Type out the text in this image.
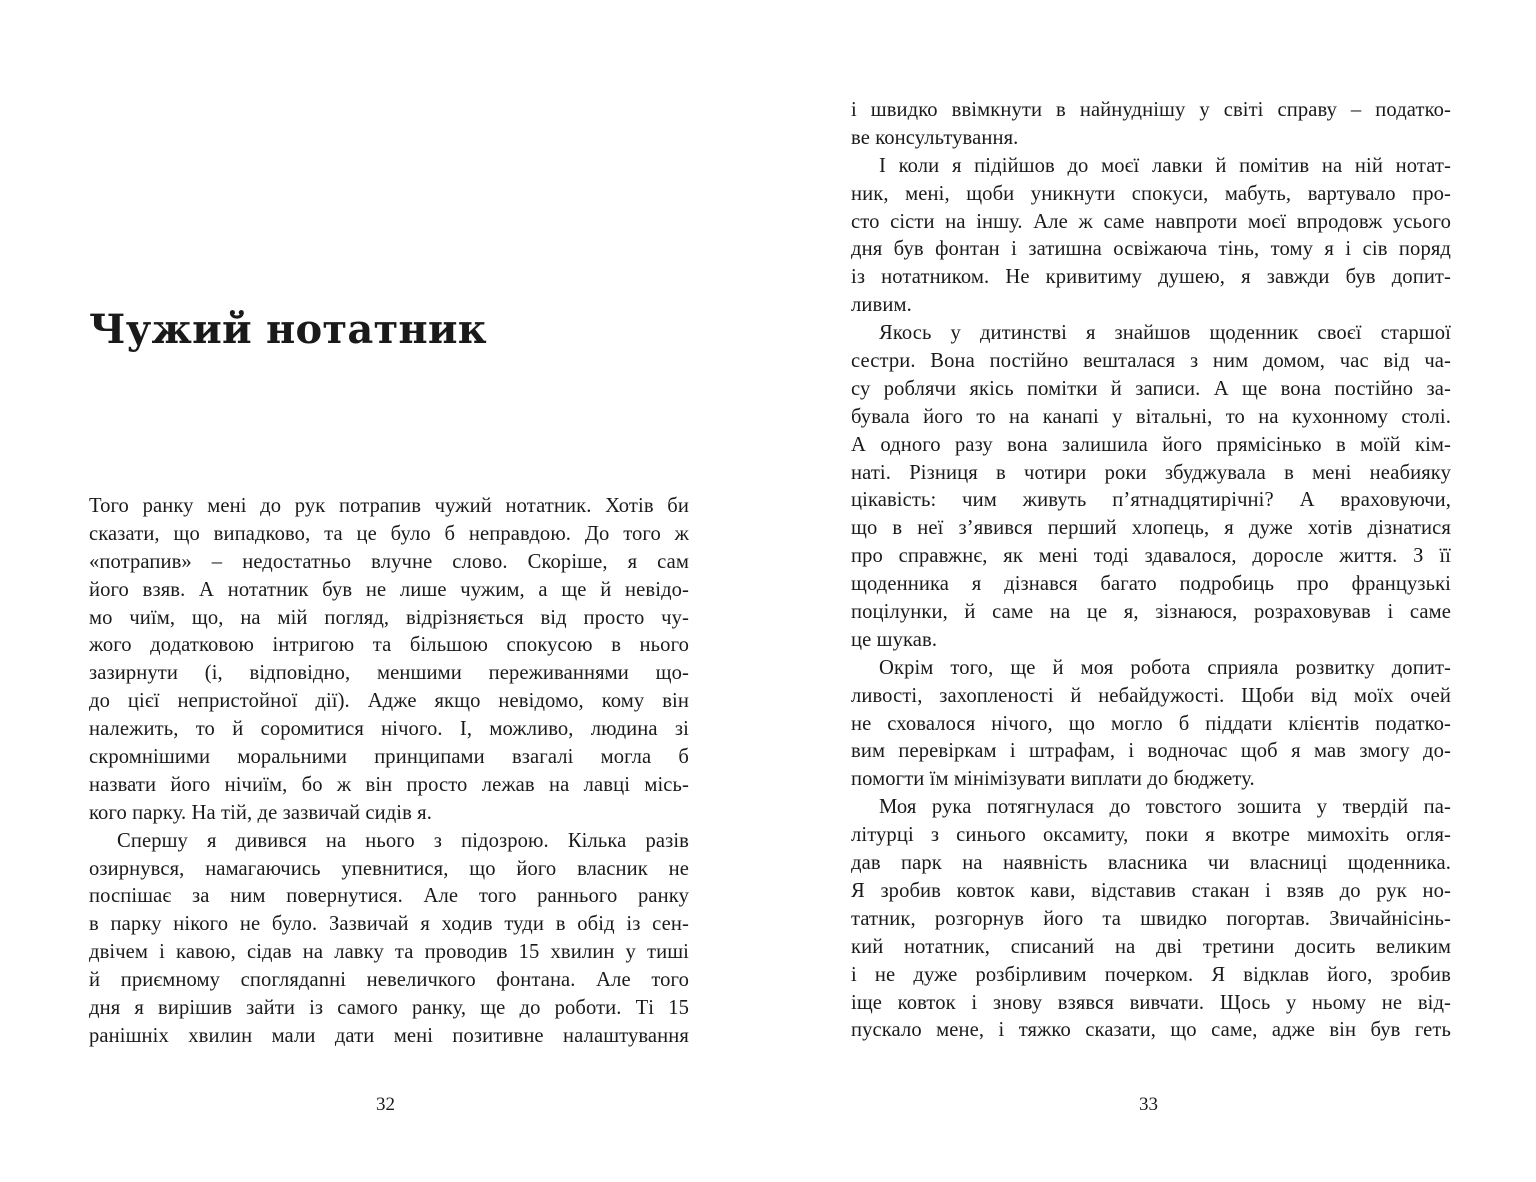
Чужий нотатник
Того ранку мені до рук потрапив чужий нотатник. Хотів би
сказати, що випадково, та це було б неправдою. До того ж
«потрапив» – недостатньо влучне слово. Скоріше, я сам
його взяв. А нотатник був не лише чужим, а ще й невідо-
мо чиїм, що, на мій погляд, відрізняється від просто чу-
жого додатковою інтригою та більшою спокусою в нього
зазирнути (і, відповідно, меншими переживаннями що-
до цієї непристойної дії). Адже якщо невідомо, кому він
належить, то й соромитися нічого. І, можливо, людина зі
скромнішими моральними принципами взагалі могла б
назвати його нічиїм, бо ж він просто лежав на лавці місь-
кого парку. На тій, де зазвичай сидів я.
Спершу я дивився на нього з підозрою. Кілька разів
озирнувся, намагаючись упевнитися, що його власник не
поспішає за ним повернутися. Але того раннього ранку
в парку нікого не було. Зазвичай я ходив туди в обід із сен-
двічем і кавою, сідав на лавку та проводив 15 хвилин у тиші
й приємному споглядanні невеличкого фонтана. Але того
дня я вирішив зайти із самого ранку, ще до роботи. Ті 15
ранішніх хвилин мали дати мені позитивне налаштування
32
і швидко ввімкнути в найнуднішу у світі справу – податко-
ве консультування.
І коли я підійшов до моєї лавки й помітив на ній нотат-
ник, мені, щоби уникнути спокуси, мабуть, вартувало про-
сто сісти на іншу. Але ж саме навпроти моєї впродовж усього
дня був фонтан і затишна освіжаюча тінь, тому я і сів поряд
із нотатником. Не кривитиму душею, я завжди був допит-
ливим.
Якось у дитинстві я знайшов щоденник своєї старшої
сестри. Вона постійно вешталася з ним домом, час від ча-
су роблячи якісь помітки й записи. А ще вона постійно за-
бувала його то на канапі у вітальні, то на кухонному столі.
А одного разу вона залишила його прямісінько в моїй кім-
наті. Різниця в чотири роки збуджувала в мені неабияку
цікавість: чим живуть п’ятнадцятирічні? А враховуючи,
що в неї з’явився перший хлопець, я дуже хотів дізнатися
про справжнє, як мені тоді здавалося, доросле життя. З її
щоденника я дізнався багато подробиць про французькі
поцілунки, й саме на це я, зізнаюся, розраховував і саме
це шукав.
Окрім того, ще й моя робота сприяла розвитку допит-
ливості, захопленості й небайдужості. Щоби від моїх очей
не сховалося нічого, що могло б піддати клієнтів податко-
вим перевіркам і штрафам, і водночас щоб я мав змогу до-
помогти їм мінімізувати виплати до бюджету.
Моя рука потягнулася до товстого зошита у твердій па-
літурці з синього оксамиту, поки я вкотре мимохіть огля-
дав парк на наявність власника чи власниці щоденника.
Я зробив ковток кави, відставив стакан і взяв до рук но-
татник, розгорнув його та швидко погортав. Звичайнісінь-
кий нотатник, списаний на дві третини досить великим
і не дуже розбірливим почерком. Я відклав його, зробив
іще ковток і знову взявся вивчати. Щось у ньому не від-
пускало мене, і тяжко сказати, що саме, адже він був геть
33
